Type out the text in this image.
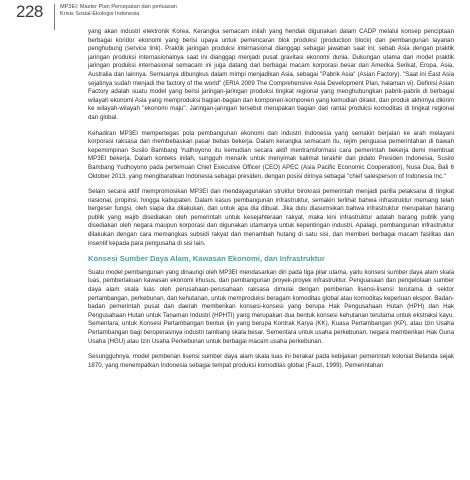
228	MP3EI: Master Plan Percepatan dan perluasan
Krisis Sosial-Ekologis Indonesia

yang akan industri elektronik Korea. Kerangka semacam inilah yang hendak digunakan dalam CADP melalui konsep penciptaan berbagai koridor ekonomi yang berisi upaya untuk pemencaran blok produksi (production block) dan pembangunan layanan penghubung (service link). Praktik jaringan produksi internasional dianggap sebagai jawaban saat ini; sebab Asia dengan praktik jaringan produksi internasionalnya saat ini dianggap menjadi pusat gravitasi ekonomi dunia. Dukungan utama dari model praktik jaringan produksi internasional semacam ini juga datang dari berbagai macam korporasi besar dari Amerika Serikat, Eropa, Asia, Australia dan lainnya. Semuanya dibungkus dalam mimpi menjadikan Asia, sebagai "Pabrik Asia" (Asian Factory). "Saat ini East Asia sejatinya sudah menjadi the factory of the world" (ERIA 2009 The Comprehensive Asia Development Plan, halaman vi). Definisi Asian Factory adalah suatu model yang berisi jaringan-jaringan produksi tingkat regional yang menghubungkan pabrik-pabrik di berbagai wilayah ekonomi Asia yang memproduksi bagian-bagian dan komponen-komponen yang kemudian dirakit, dan produk akhirnya dikirim ke wilayah-wilayah "ekonomi maju". Jaringan-jaringan tersebut merupakan bagian dari rantai produksi komoditas di tingkat regional dan global.

Kehadiran MP3EI mempertegas pola pembangunan ekonomi dan industri Indonesia yang semakin berjalan ke arah melayani korporasi raksasa dan membebaskan pasar bebas bekerja. Dalam kerangka semacam itu, rejim penguasa pemerintahan di bawah kepemimpinan Susilo Bambang Yudhoyono itu kemudian secara aktif mentransformasi cara pemerintah bekerja demi membuat MP3EI bekerja. Dalam konteks inilah, sungguh menarik untuk menyimak kalimat terakhir dari pidato Presiden Indonesia, Susilo Bambang Yudhoyono pada pertemuan Chief Executive Officer (CEO) APEC (Asia Pacific Economic Cooperation), Nusa Dua, Bali 6 Oktober 2013, yang mengibaratkan Indonesia sebagai presiden, dengan posisi dirinya sebagai "chief salesperson of Indonesia Inc."

Selain secara aktif mempromosikan MP3EI dan mendayagunakan struktur birokrasi pemerintah menjadi parilla pelaksana di tingkat nasional, propinsi, hingga kabupaten. Dalam kasus pembangunan infrastruktur, semakin terlihat bahwa infrastruktur memang telah bergeser fungsi, oleh siapa dia dilakukan, dan untuk apa dia dibuat. Jika dulu diasumsikan bahwa infrastruktur merupakan barang publik yang wajib disediakan oleh pemerintah untuk kesejahteraan rakyat, maka kini infrastruktur adalah barang publik yang disediakan oleh negara maupun korporasi dan digunakan utamanya untuk kepentingan industri. Apalagi, pembangunan infrastruktur dilakukan dengan cara memangkas subsidi rakyat dan menambah hutang di satu sisi, dan memberi berbagai macam fasilitas dan insentif kepada para pengusaha di sisi lain.

Konsesi Sumber Daya Alam, Kawasan Ekonomi, dan Infrastruktur

Suatu model pembangunan yang dinaungi oleh MP3EI mendasarkan diri pada tiga pilar utama, yaitu konsesi sumber daya alam skala luas, pemberlakuan kawasan ekonomi khusus, dan pembangunan proyek-proyek infrastruktur. Penguasaan dan pengelolaan sumber daya alam skala luas oleh perusahaan-perusahaan raksasa dimulai dengan pemberian lisensi-lisensi terutama di sektor pertambangan, perkebunan, dan kehutanan, untuk memproduksi beragam komoditas global atau komoditas keperluan ekspor. Badan-badan pemerintah pusat dan daerah memberikan konsesi-konsesi yang berupa Hak Pengusahaan Hutan (HPH) dan Hak Pengusahaan Hutan untuk Tanaman Industri (HPHTI) yang merupakan dua bentuk konsesi kehutanan terutama untuk ekstraksi kayu. Sementara, untuk Konsesi Pertambangan bentuk ijin yang berupa Kontrak Karya (KK), Kuasa Pertambangan (KP), atau Izin Usaha Pertambangan bagi beroperasinya industri tambang skala besar. Sementara untuk usaha perkebunan, negara memberikan Hak Guna Usaha (HGU) atau Izin Usaha Perkebunan untuk berbagai macam usaha perkebunan.

Sesungguhnya, model pemberian lisensi sumber daya alam skala luas ini berakar pada kebijakan pemerintah kolonial Belanda sejak 1870, yang menempatkan Indonesia sebagai tempat produksi komoditas global (Fauzi, 1999). Pemerintahan
